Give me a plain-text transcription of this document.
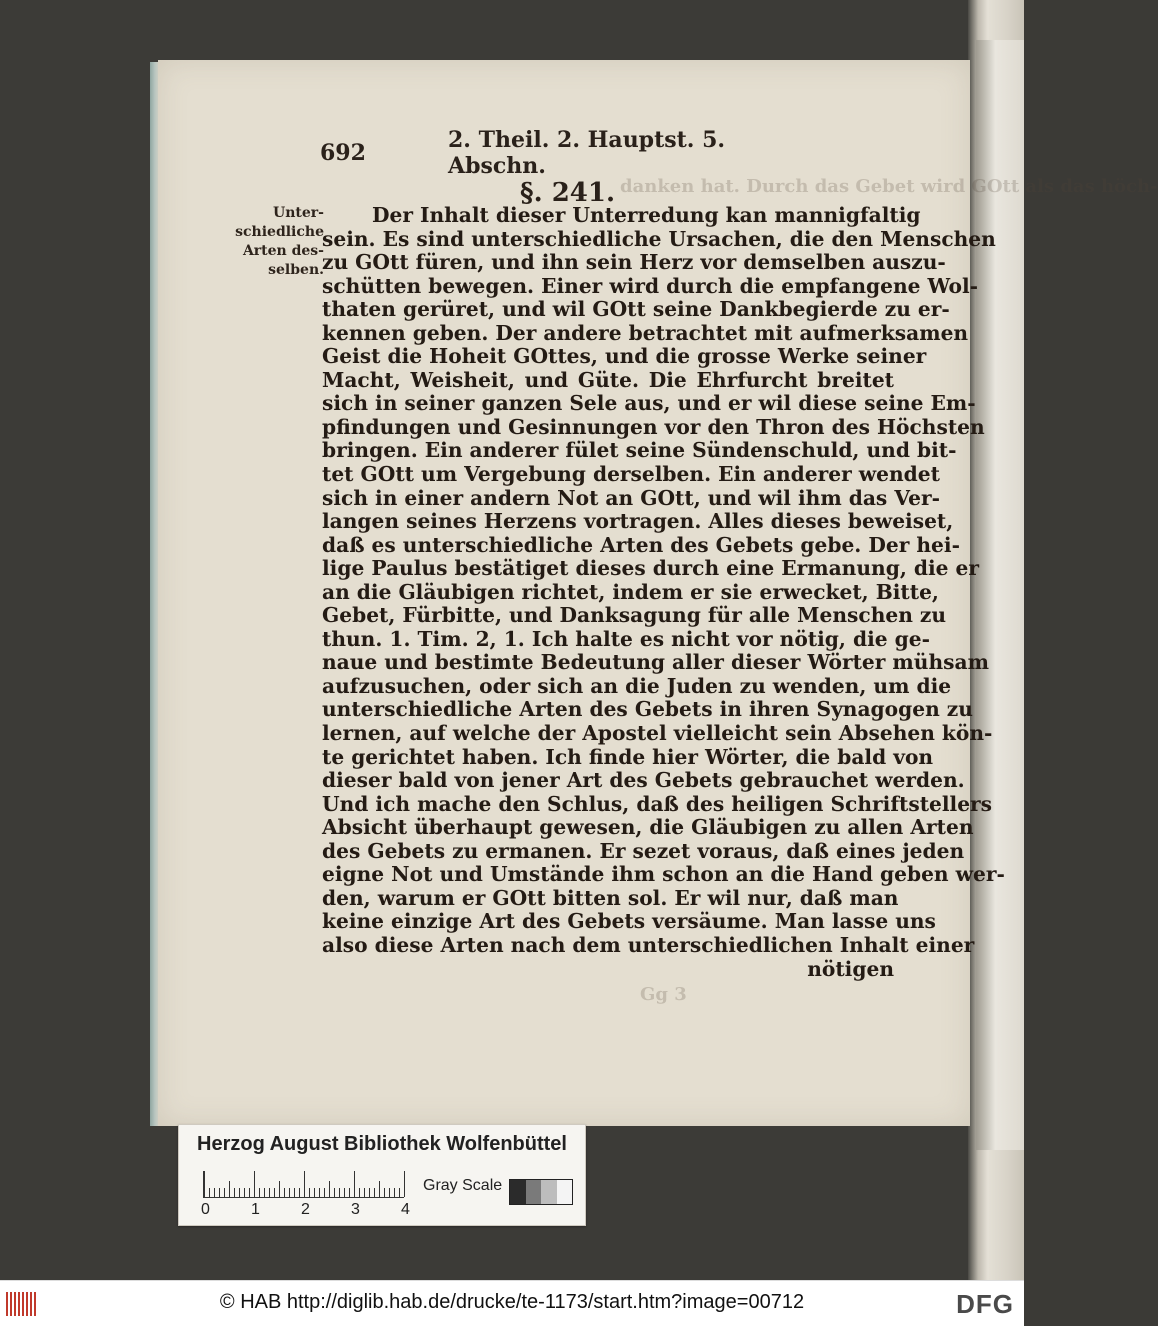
danken hat. Durch das Gebet wird GOtt als das höch-
Gg 3
692	2. Theil. 2. Hauptst. 5. Abschn.
§. 241.
Unter-
schiedliche
Arten des-
selben.
Der Inhalt dieser Unterredung kan mannigfaltig
sein. Es sind unterschiedliche Ursachen, die den Menschen
zu GOtt füren, und ihn sein Herz vor demselben auszu-
schütten bewegen. Einer wird durch die empfangene Wol-
thaten gerüret, und wil GOtt seine Dankbegierde zu er-
kennen geben. Der andere betrachtet mit aufmerksamen
Geist die Hoheit GOttes, und die grosse Werke seiner
Macht, Weisheit, und Güte. Die Ehrfurcht breitet
sich in seiner ganzen Sele aus, und er wil diese seine Em-
pfindungen und Gesinnungen vor den Thron des Höchsten
bringen. Ein anderer fület seine Sündenschuld, und bit-
tet GOtt um Vergebung derselben. Ein anderer wendet
sich in einer andern Not an GOtt, und wil ihm das Ver-
langen seines Herzens vortragen. Alles dieses beweiset,
daß es unterschiedliche Arten des Gebets gebe. Der hei-
lige Paulus bestätiget dieses durch eine Ermanung, die er
an die Gläubigen richtet, indem er sie erwecket, Bitte,
Gebet, Fürbitte, und Danksagung für alle Menschen zu
thun. 1. Tim. 2, 1. Ich halte es nicht vor nötig, die ge-
naue und bestimte Bedeutung aller dieser Wörter mühsam
aufzusuchen, oder sich an die Juden zu wenden, um die
unterschiedliche Arten des Gebets in ihren Synagogen zu
lernen, auf welche der Apostel vielleicht sein Absehen kön-
te gerichtet haben. Ich finde hier Wörter, die bald von
dieser bald von jener Art des Gebets gebrauchet werden.
Und ich mache den Schlus, daß des heiligen Schriftstellers
Absicht überhaupt gewesen, die Gläubigen zu allen Arten
des Gebets zu ermanen. Er sezet voraus, daß eines jeden
eigne Not und Umstände ihm schon an die Hand geben wer-
den, warum er GOtt bitten sol. Er wil nur, daß man
keine einzige Art des Gebets versäume. Man lasse uns
also diese Arten nach dem unterschiedlichen Inhalt einer
nötigen
Herzog August Bibliothek Wolfenbüttel
0	1	2	3	4
Gray Scale
© HAB http://diglib.hab.de/drucke/te-1173/start.htm?image=00712	DFG
